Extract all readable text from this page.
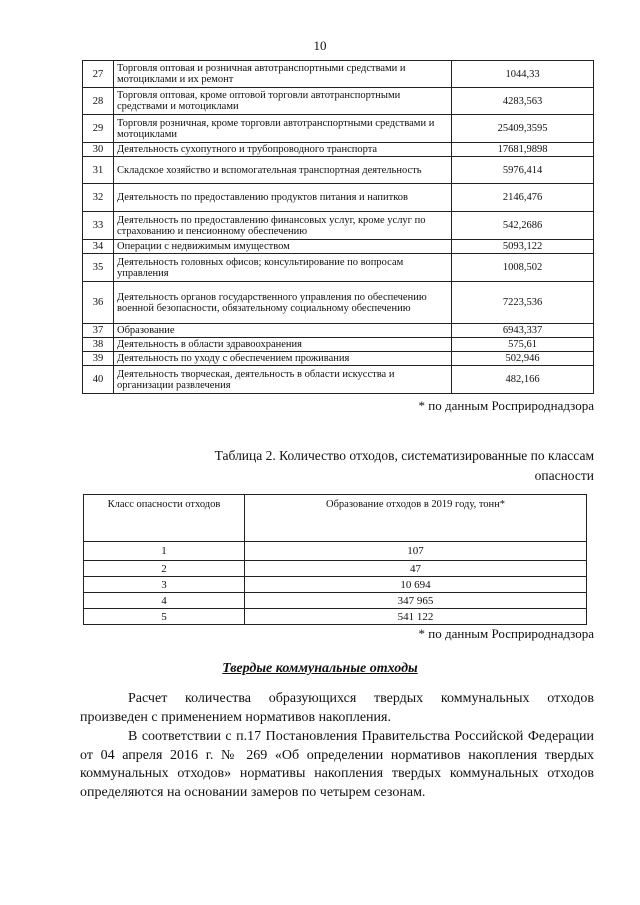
10
27	Торговля оптовая и розничная автотранспортными средствами и мотоциклами и их ремонт	1044,33
28	Торговля оптовая, кроме оптовой торговли автотранспортными средствами и мотоциклами	4283,563
29	Торговля розничная, кроме торговли автотранспортными средствами и мотоциклами	25409,3595
30	Деятельность сухопутного и трубопроводного транспорта	17681,9898
31	Складское хозяйство и вспомогательная транспортная деятельность	5976,414
32	Деятельность по предоставлению продуктов питания и напитков	2146,476
33	Деятельность по предоставлению финансовых услуг, кроме услуг по страхованию и пенсионному обеспечению	542,2686
34	Операции с недвижимым имуществом	5093,122
35	Деятельность головных офисов; консультирование по вопросам управления	1008,502
36	Деятельность органов государственного управления по обеспечению военной безопасности, обязательному социальному обеспечению	7223,536
37	Образование	6943,337
38	Деятельность в области здравоохранения	575,61
39	Деятельность по уходу с обеспечением проживания	502,946
40	Деятельность творческая, деятельность в области искусства и организации развлечения	482,166
* по данным Росприроднадзора
Таблица 2. Количество отходов, систематизированные по классам опасности
Класс опасности отходов	Образование отходов в 2019 году, тонн*
1	107
2	47
3	10 694
4	347 965
5	541 122
* по данным Росприроднадзора
Твердые коммунальные отходы

Расчет количества образующихся твердых коммунальных отходов произведен с применением нормативов накопления.

В соответствии с п.17 Постановления Правительства Российской Федерации от 04 апреля 2016 г. № 269 «Об определении нормативов накопления твердых коммунальных отходов» нормативы накопления твердых коммунальных отходов определяются на основании замеров по четырем сезонам.
